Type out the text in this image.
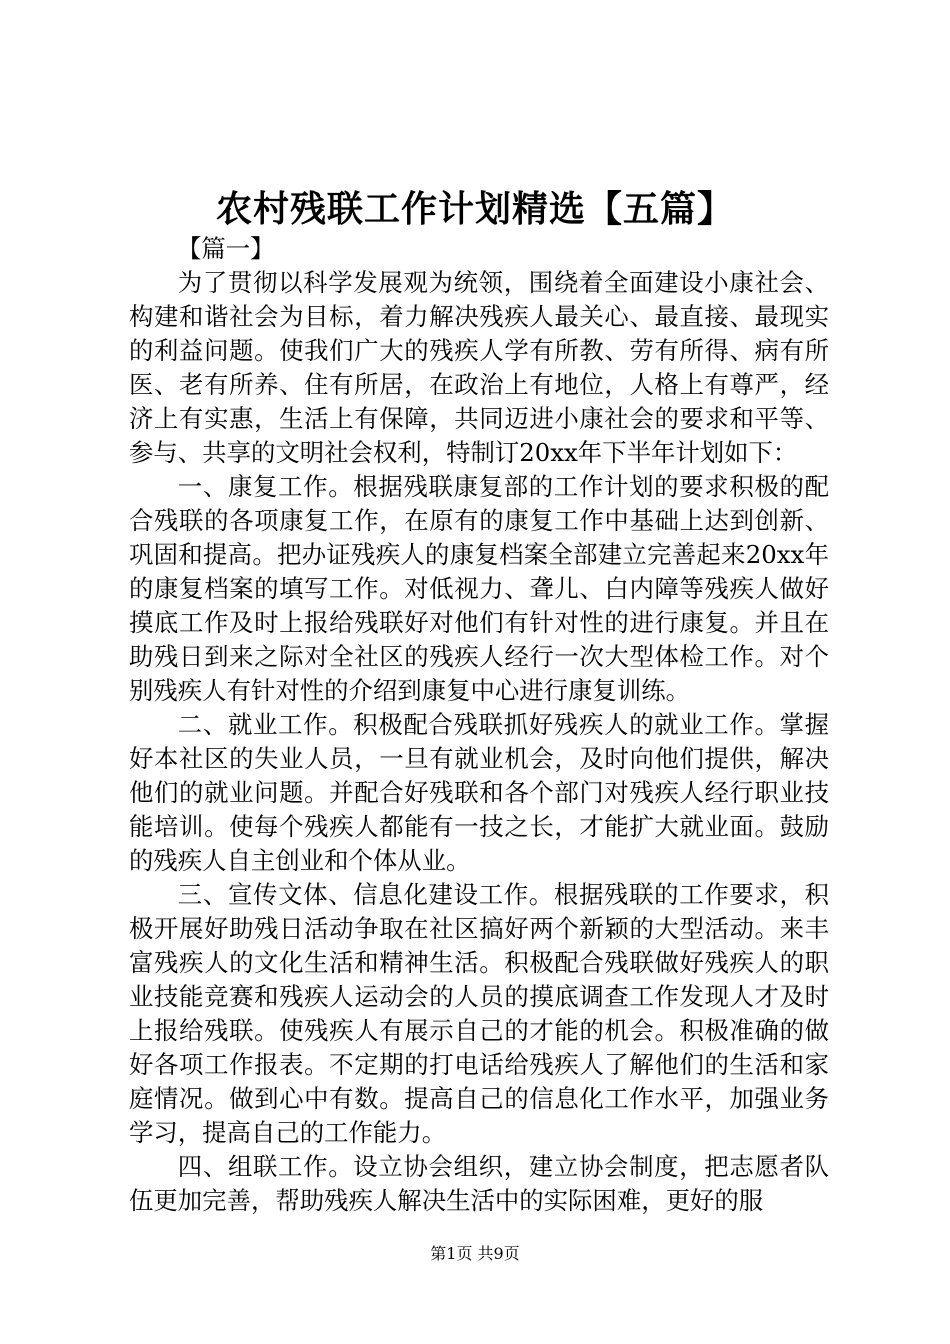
农村残联工作计划精选【五篇】

【篇一】

为了贯彻以科学发展观为统领，围绕着全面建设小康社会、构建和谐社会为目标，着力解决残疾人最关心、最直接、最现实的利益问题。使我们广大的残疾人学有所教、劳有所得、病有所医、老有所养、住有所居，在政治上有地位，人格上有尊严，经济上有实惠，生活上有保障，共同迈进小康社会的要求和平等、参与、共享的文明社会权利，特制订20xx年下半年计划如下：

一、康复工作。根据残联康复部的工作计划的要求积极的配合残联的各项康复工作，在原有的康复工作中基础上达到创新、巩固和提高。把办证残疾人的康复档案全部建立完善起来20xx年的康复档案的填写工作。对低视力、聋儿、白内障等残疾人做好摸底工作及时上报给残联好对他们有针对性的进行康复。并且在助残日到来之际对全社区的残疾人经行一次大型体检工作。对个别残疾人有针对性的介绍到康复中心进行康复训练。

二、就业工作。积极配合残联抓好残疾人的就业工作。掌握好本社区的失业人员，一旦有就业机会，及时向他们提供，解决他们的就业问题。并配合好残联和各个部门对残疾人经行职业技能培训。使每个残疾人都能有一技之长，才能扩大就业面。鼓励的残疾人自主创业和个体从业。

三、宣传文体、信息化建设工作。根据残联的工作要求，积极开展好助残日活动争取在社区搞好两个新颖的大型活动。来丰富残疾人的文化生活和精神生活。积极配合残联做好残疾人的职业技能竞赛和残疾人运动会的人员的摸底调查工作发现人才及时上报给残联。使残疾人有展示自己的才能的机会。积极准确的做好各项工作报表。不定期的打电话给残疾人了解他们的生活和家庭情况。做到心中有数。提高自己的信息化工作水平，加强业务学习，提高自己的工作能力。

四、组联工作。设立协会组织，建立协会制度，把志愿者队伍更加完善，帮助残疾人解决生活中的实际困难，更好的服

第1页 共9页
